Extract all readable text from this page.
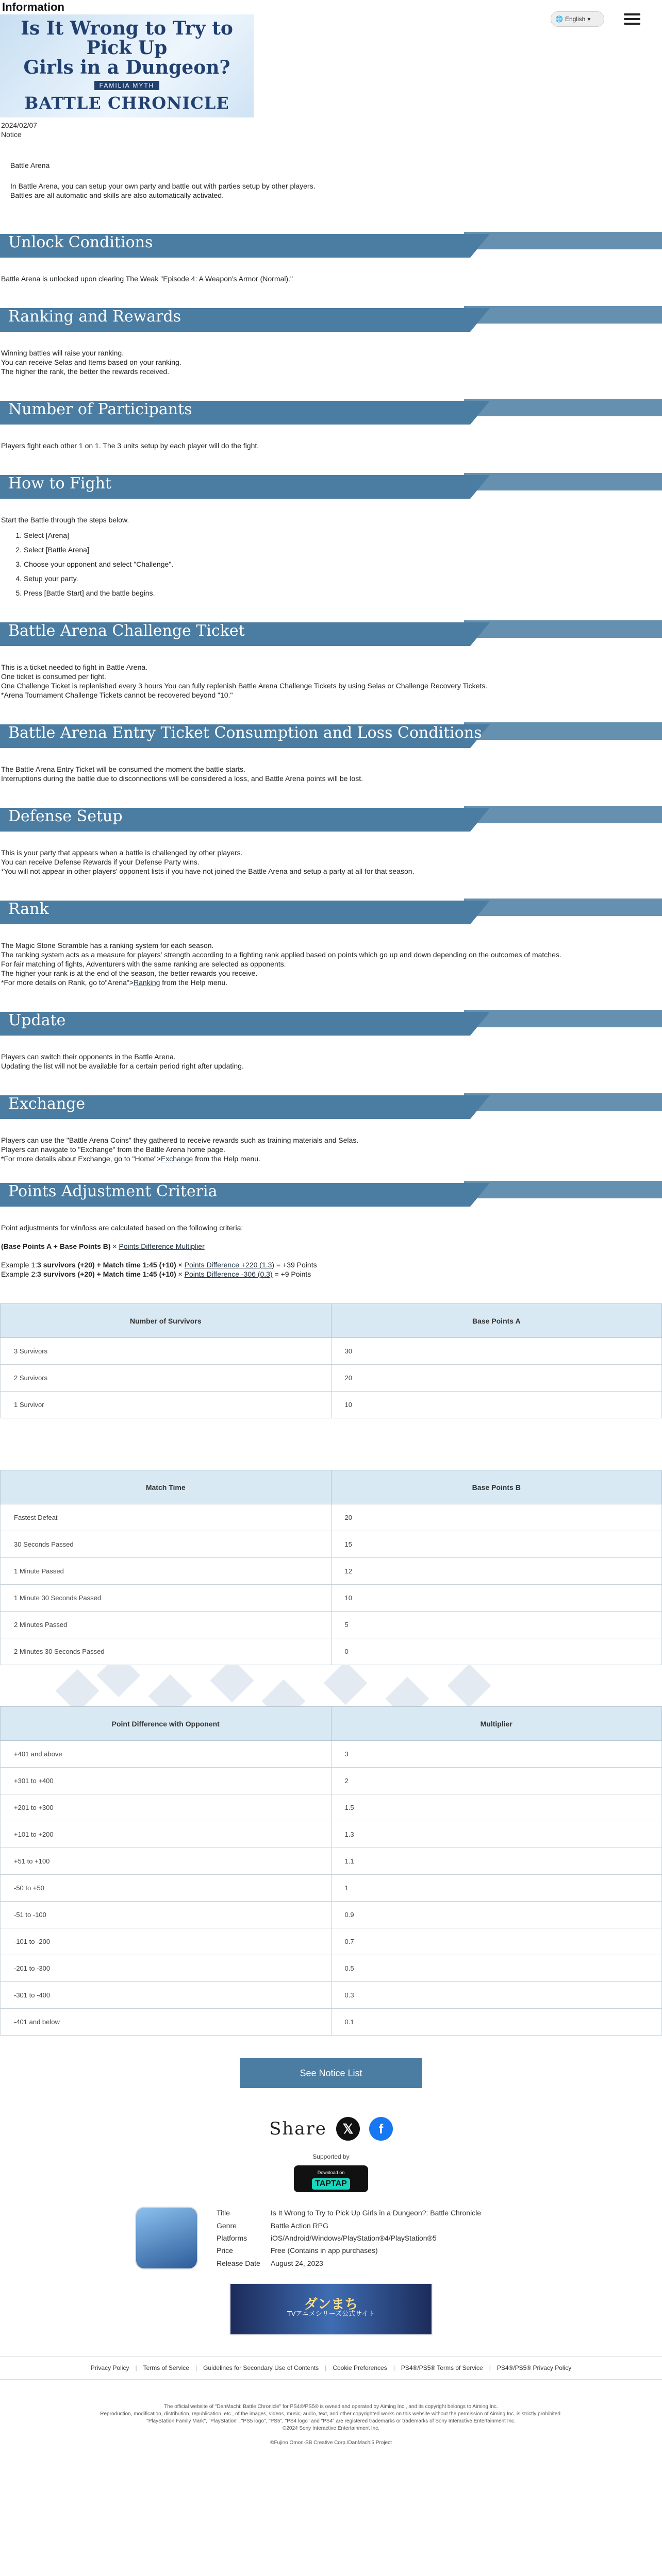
Information
🌐 English ▾
Is It Wrong to Try to Pick Up
Girls in a Dungeon?
FAMILIA MYTH
BATTLE CHRONICLE
2024/02/07
Notice

Battle Arena

In Battle Arena, you can setup your own party and battle out with parties setup by other players.

Battles are all automatic and skills are also automatically activated.

Unlock Conditions

Battle Arena is unlocked upon clearing The Weak "Episode 4: A Weapon's Armor (Normal)."

Ranking and Rewards

Winning battles will raise your ranking.

You can receive Selas and Items based on your ranking.

The higher the rank, the better the rewards received.

Number of Participants

Players fight each other 1 on 1. The 3 units setup by each player will do the fight.

How to Fight

Start the Battle through the steps below.

1. Select [Arena]
2. Select [Battle Arena]
3. Choose your opponent and select "Challenge".
4. Setup your party.
5. Press [Battle Start] and the battle begins.
Battle Arena Challenge Ticket

This is a ticket needed to fight in Battle Arena.

One ticket is consumed per fight.

One Challenge Ticket is replenished every 3 hours You can fully replenish Battle Arena Challenge Tickets by using Selas or Challenge Recovery Tickets.

*Arena Tournament Challenge Tickets cannot be recovered beyond "10."

Battle Arena Entry Ticket Consumption and Loss Conditions

The Battle Arena Entry Ticket will be consumed the moment the battle starts.

Interruptions during the battle due to disconnections will be considered a loss, and Battle Arena points will be lost.

Defense Setup

This is your party that appears when a battle is challenged by other players.

You can receive Defense Rewards if your Defense Party wins.

*You will not appear in other players' opponent lists if you have not joined the Battle Arena and setup a party at all for that season.

Rank

The Magic Stone Scramble has a ranking system for each season.

The ranking system acts as a measure for players' strength according to a fighting rank applied based on points which go up and down depending on the outcomes of matches.

For fair matching of fights, Adventurers with the same ranking are selected as opponents.

The higher your rank is at the end of the season, the better rewards you receive.

*For more details on Rank, go to"Arena">Ranking from the Help menu.

Update

Players can switch their opponents in the Battle Arena.

Updating the list will not be available for a certain period right after updating.

Exchange

Players can use the "Battle Arena Coins" they gathered to receive rewards such as training materials and Selas.

Players can navigate to "Exchange" from the Battle Arena home page.

*For more details about Exchange, go to "Home">Exchange from the Help menu.

Points Adjustment Criteria

Point adjustments for win/loss are calculated based on the following criteria:

(Base Points A + Base Points B) × Points Difference Multiplier

Example 1:3 survivors (+20) + Match time 1:45 (+10) × Points Difference +220 (1.3) = +39 Points

Example 2:3 survivors (+20) + Match time 1:45 (+10) × Points Difference -306 (0.3) = +9 Points

Number of Survivors	Base Points A
3 Survivors	30
2 Survivors	20
1 Survivor	10
Match Time	Base Points B
Fastest Defeat	20
30 Seconds Passed	15
1 Minute Passed	12
1 Minute 30 Seconds Passed	10
2 Minutes Passed	5
2 Minutes 30 Seconds Passed	0
Point Difference with Opponent	Multiplier
+401 and above	3
+301 to +400	2
+201 to +300	1.5
+101 to +200	1.3
+51 to +100	1.1
-50 to +50	1
-51 to -100	0.9
-101 to -200	0.7
-201 to -300	0.5
-301 to -400	0.3
-401 and below	0.1
See Notice List
Share	𝕏	f
Supported by
Download on
TAPTAP
Title	Is It Wrong to Try to Pick Up Girls in a Dungeon?: Battle Chronicle
Genre	Battle Action RPG
Platforms	iOS/Android/Windows/PlayStation®4/PlayStation®5
Price	Free (Contains in app purchases)
Release Date	August 24, 2023
ダンまち
TVアニメシリーズ公式サイト
Privacy Policy | Terms of Service | Guidelines for Secondary Use of Contents | Cookie Preferences | PS4®/PS5® Terms of Service | PS4®/PS5® Privacy Policy

The official website of "DanMachi: Battle Chronicle" for PS4®/PS5® is owned and operated by Aiming Inc., and its copyright belongs to Aiming Inc.

Reproduction, modification, distribution, republication, etc., of the images, videos, music, audio, text, and other copyrighted works on this website without the permission of Aiming Inc. is strictly prohibited.

"PlayStation Family Mark", "PlayStation", "PS5 logo", "PS5", "PS4 logo" and "PS4" are registered trademarks or trademarks of Sony Interactive Entertainment Inc.

©2024 Sony Interactive Entertainment Inc.

©Fujino Omori·SB Creative Corp./DanMachi5 Project
